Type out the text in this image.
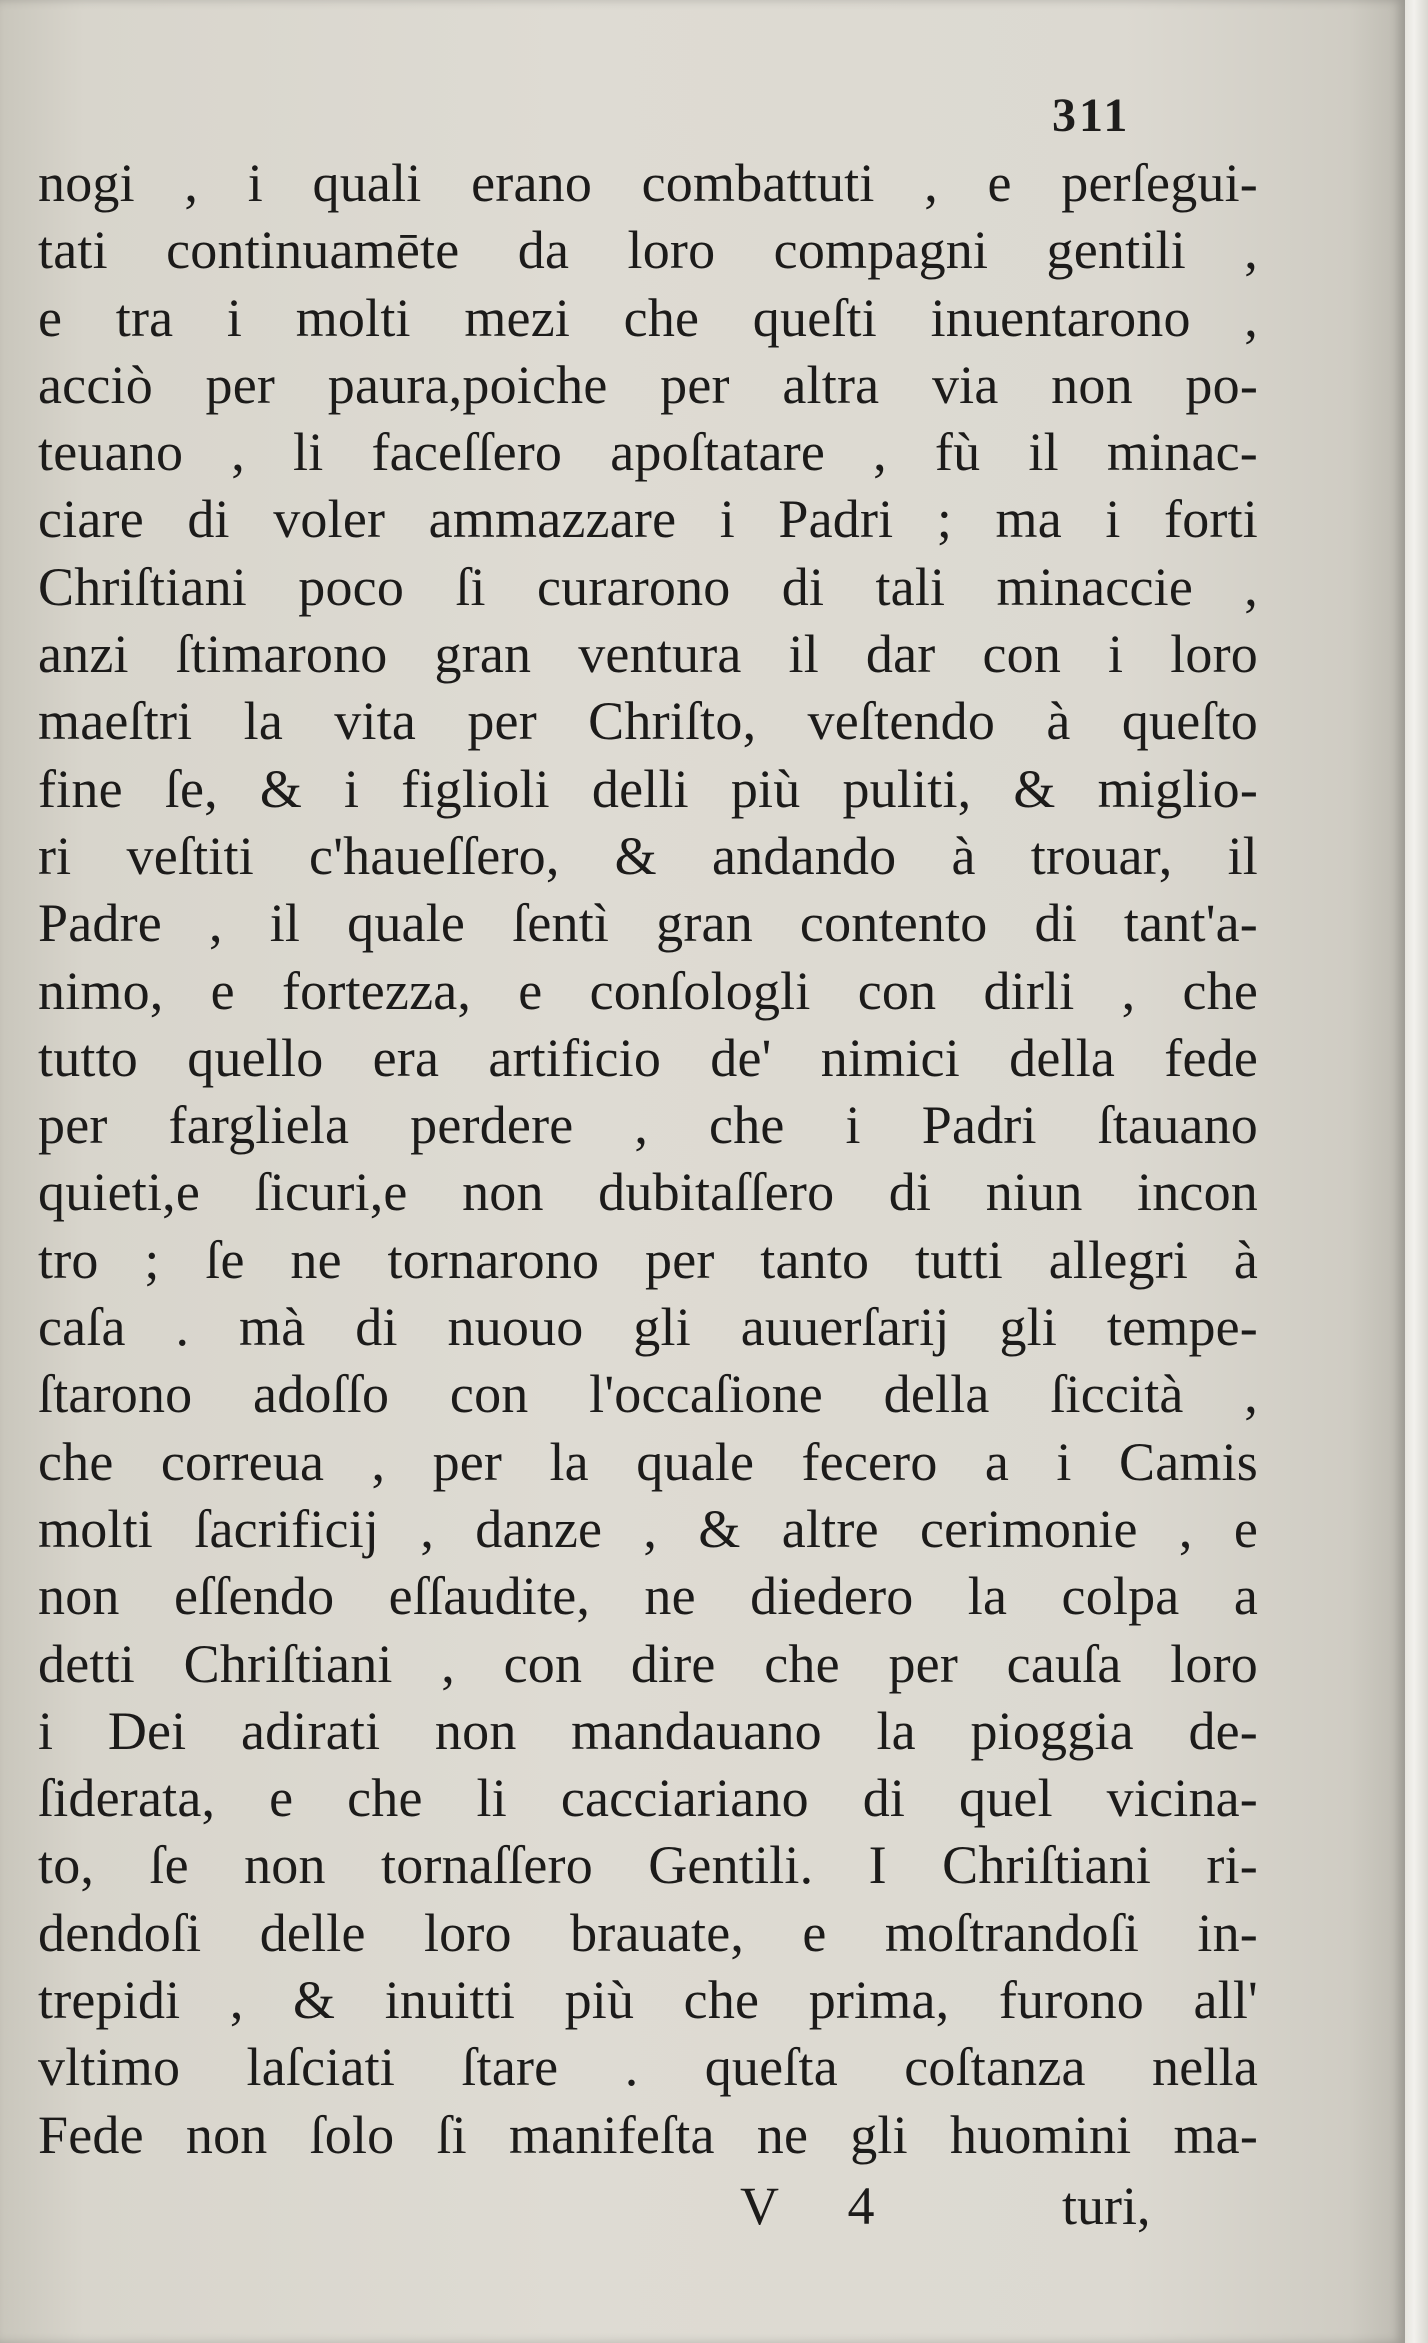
311
nogi , i quali erano combattuti , e perſegui-
tati continuamēte da loro compagni gentili ,
e tra i molti mezi che queſti inuentarono ,
acciò per paura,poiche per altra via non po-
teuano , li faceſſero apoſtatare , fù il minac-
ciare di voler ammazzare i Padri ; ma i forti
Chriſtiani poco ſi curarono di tali minaccie ,
anzi ſtimarono gran ventura il dar con i loro
maeſtri la vita per Chriſto, veſtendo à queſto
fine ſe, & i figlioli delli più puliti, & miglio-
ri veſtiti c'haueſſero, & andando à trouar, il
Padre , il quale ſentì gran contento di tant'a-
nimo, e fortezza, e conſologli con dirli , che
tutto quello era artificio de' nimici della fede
per fargliela perdere , che i Padri ſtauano
quieti,e ſicuri,e non dubitaſſero di niun incon
tro ; ſe ne tornarono per tanto tutti allegri à
caſa . mà di nuouo gli auuerſarij gli tempe-
ſtarono adoſſo con l'occaſione della ſiccità ,
che correua , per la quale fecero a i Camis
molti ſacrificij , danze , & altre cerimonie , e
non eſſendo eſſaudite, ne diedero la colpa a
detti Chriſtiani , con dire che per cauſa loro
i Dei adirati non mandauano la pioggia de-
ſiderata, e che li cacciariano di quel vicina-
to, ſe non tornaſſero Gentili. I Chriſtiani ri-
dendoſi delle loro brauate, e moſtrandoſi in-
trepidi , & inuitti più che prima, furono all'
vltimo laſciati ſtare . queſta coſtanza nella
Fede non ſolo ſi manifeſta ne gli huomini ma-
V 4	turi,
